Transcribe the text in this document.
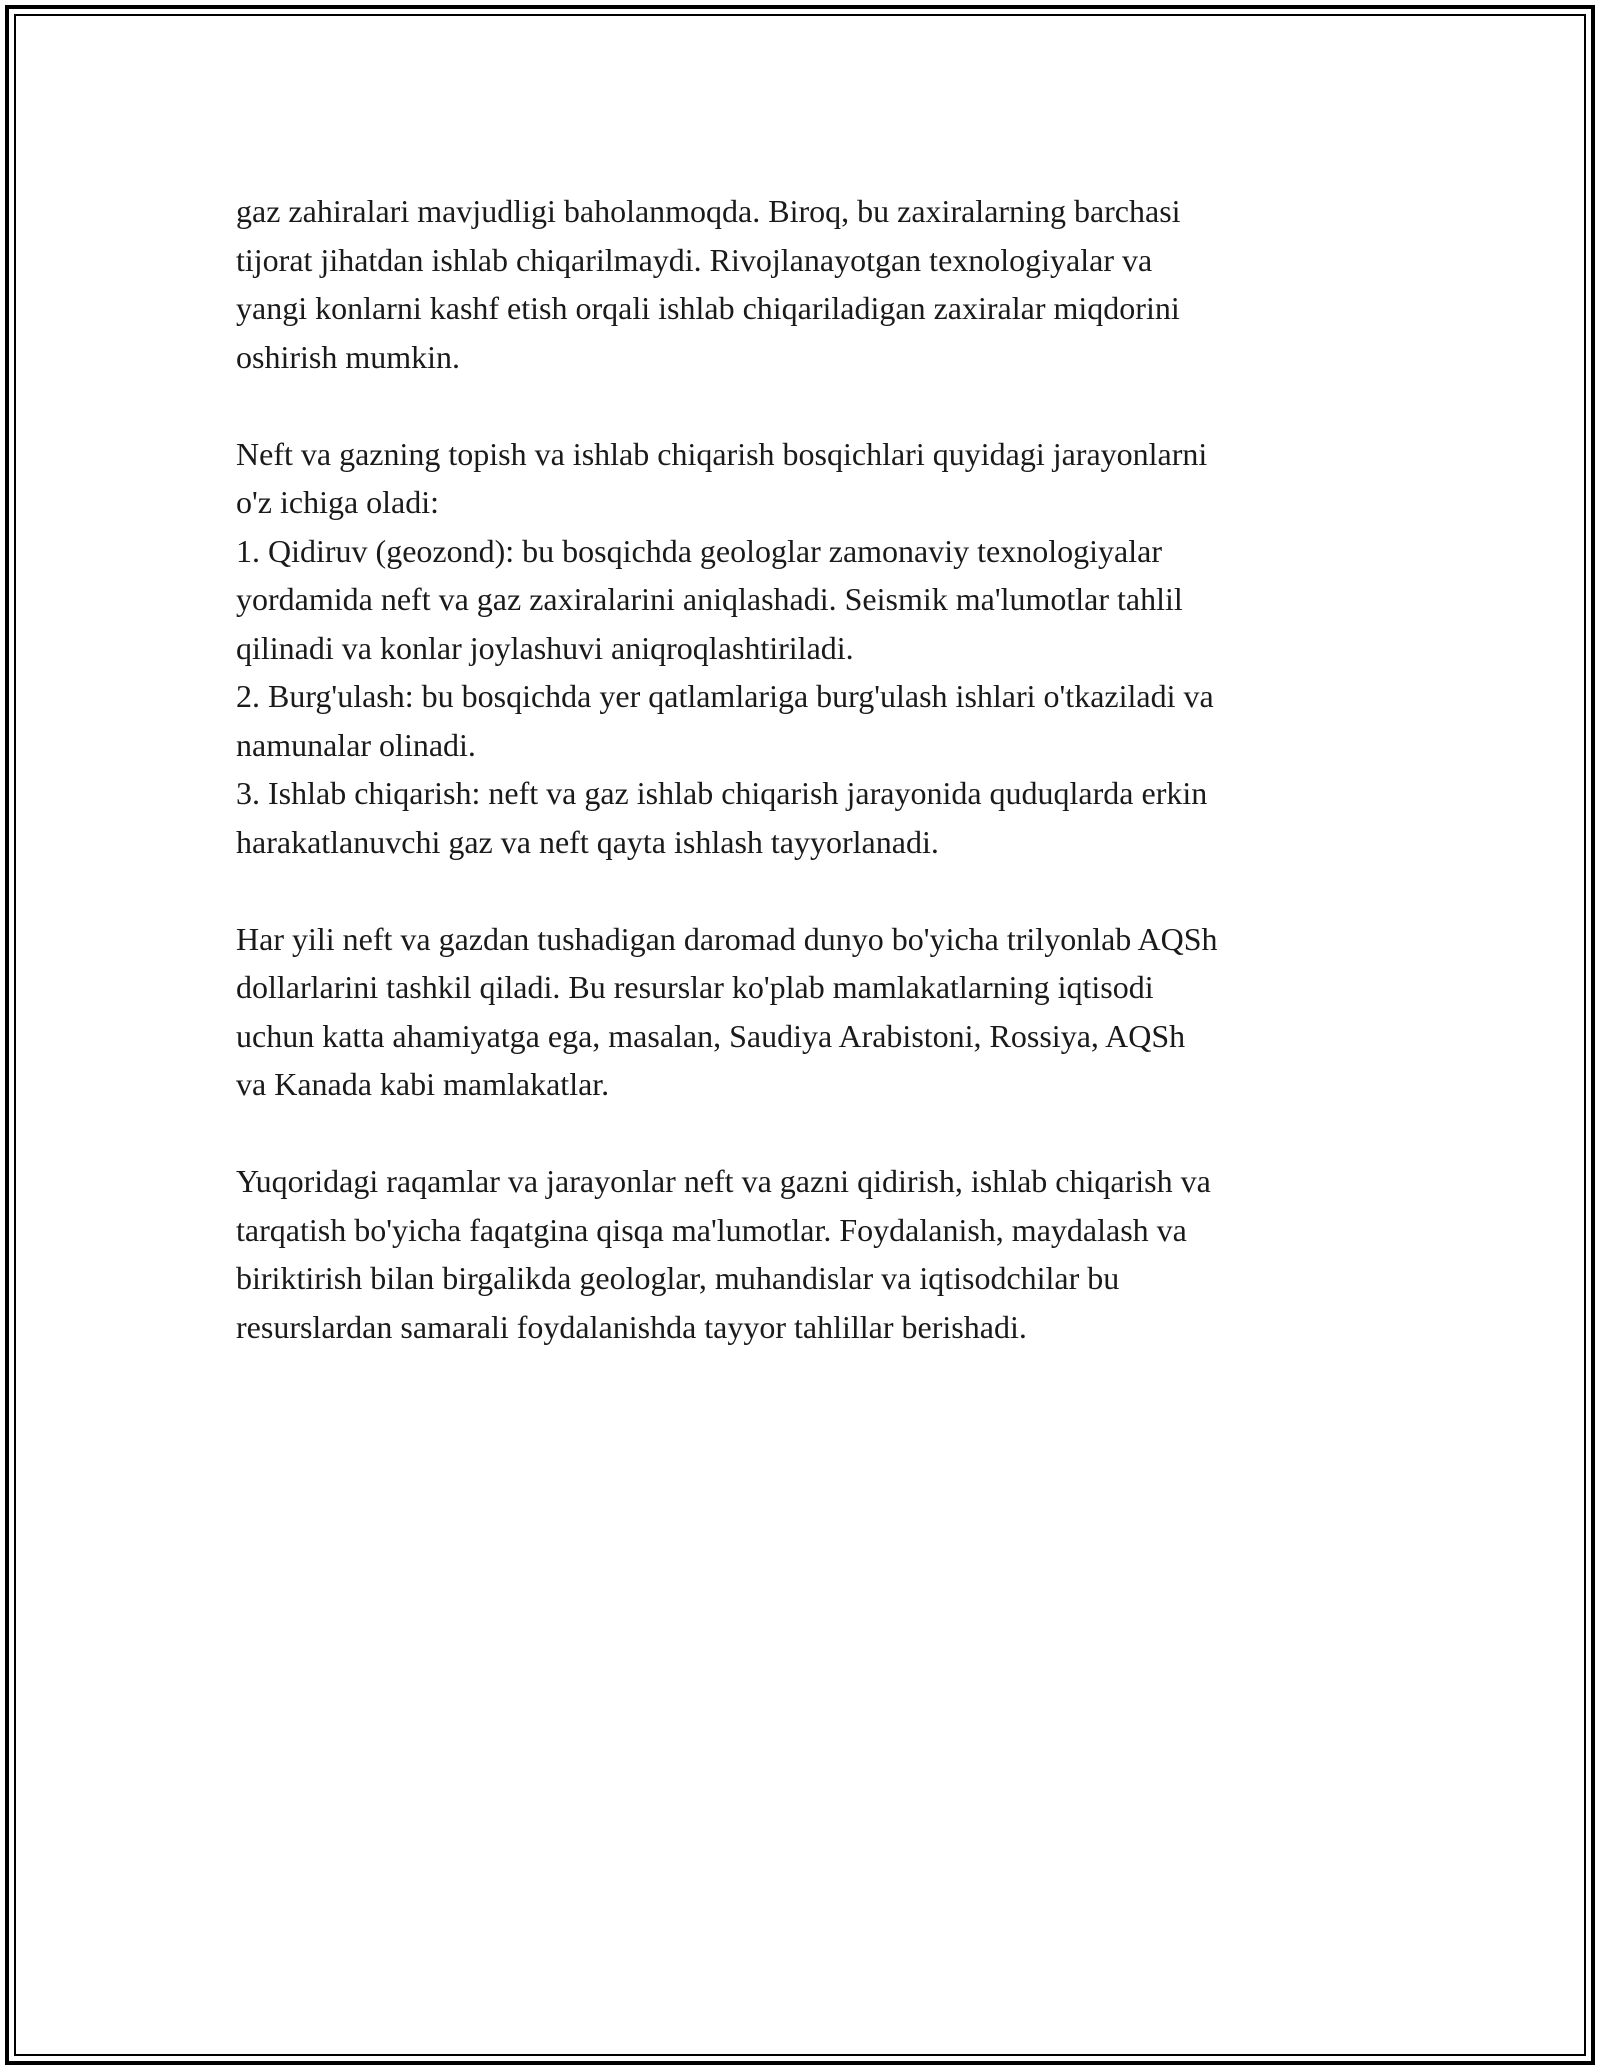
gaz zahiralari mavjudligi baholanmoqda. Biroq, bu zaxiralarning barchasi
tijorat jihatdan ishlab chiqarilmaydi. Rivojlanayotgan texnologiyalar va
yangi konlarni kashf etish orqali ishlab chiqariladigan zaxiralar miqdorini
oshirish mumkin.
Neft va gazning topish va ishlab chiqarish bosqichlari quyidagi jarayonlarni
o'z ichiga oladi:
1. Qidiruv (geozond): bu bosqichda geologlar zamonaviy texnologiyalar
yordamida neft va gaz zaxiralarini aniqlashadi. Seismik ma'lumotlar tahlil
qilinadi va konlar joylashuvi aniqroqlashtiriladi.
2. Burg'ulash: bu bosqichda yer qatlamlariga burg'ulash ishlari o'tkaziladi va
namunalar olinadi.
3. Ishlab chiqarish: neft va gaz ishlab chiqarish jarayonida quduqlarda erkin
harakatlanuvchi gaz va neft qayta ishlash tayyorlanadi.
Har yili neft va gazdan tushadigan daromad dunyo bo'yicha trilyonlab AQSh
dollarlarini tashkil qiladi. Bu resurslar ko'plab mamlakatlarning iqtisodi
uchun katta ahamiyatga ega, masalan, Saudiya Arabistoni, Rossiya, AQSh
va Kanada kabi mamlakatlar.
Yuqoridagi raqamlar va jarayonlar neft va gazni qidirish, ishlab chiqarish va
tarqatish bo'yicha faqatgina qisqa ma'lumotlar. Foydalanish, maydalash va
biriktirish bilan birgalikda geologlar, muhandislar va iqtisodchilar bu
resurslardan samarali foydalanishda tayyor tahlillar berishadi.
